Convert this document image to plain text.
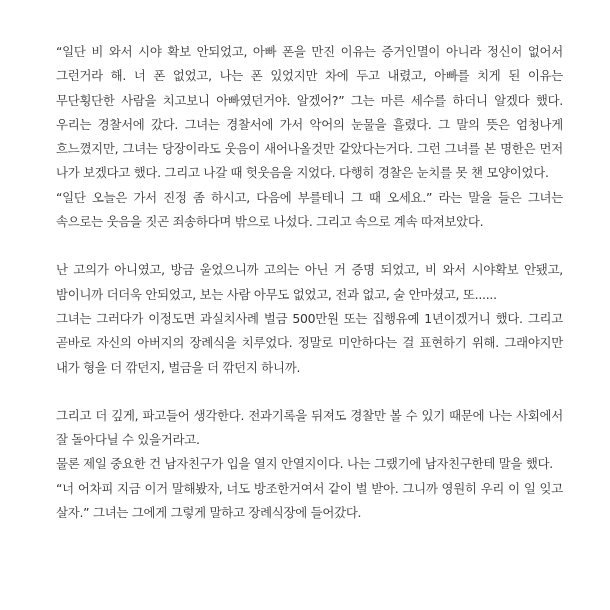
“일단 비 와서 시야 확보 안되었고, 아빠 폰을 만진 이유는 증거인멸이 아니라 정신이 없어서 그런거라 해. 너 폰 없었고, 나는 폰 있었지만 차에 두고 내렸고, 아빠를 치게 된 이유는 무단횡단한 사람을 치고보니 아빠였던거야. 알겠어?” 그는 마른 세수를 하더니 알겠다 했다. 우리는 경찰서에 갔다. 그녀는 경찰서에 가서 악어의 눈물을 흘렸다. 그 말의 뜻은 엄청나게 흐느꼈지만, 그녀는 당장이라도 웃음이 새어나올것만 같았다는거다. 그런 그녀를 본 명한은 먼저 나가 보겠다고 했다. 그리고 나갈 때 헛웃음을 지었다. 다행히 경찰은 눈치를 못 챈 모양이었다.

“일단 오늘은 가서 진정 좀 하시고, 다음에 부를테니 그 때 오세요.” 라는 말을 들은 그녀는 속으로는 웃음을 짓곤 죄송하다며 밖으로 나섰다. 그리고 속으로 계속 따져보았다.

난 고의가 아니였고, 방금 울었으니까 고의는 아닌 거 증명 되었고, 비 와서 시야확보 안됐고, 밤이니까 더더욱 안되었고, 보는 사람 아무도 없었고, 전과 없고, 술 안마셨고, 또......

그녀는 그러다가 이정도면 과실치사례 벌금 500만원 또는 집행유예 1년이겠거니 했다. 그리고 곧바로 자신의 아버지의 장례식을 치루었다. 정말로 미안하다는 걸 표현하기 위해. 그래야지만 내가 형을 더 깎던지, 벌금을 더 깎던지 하니까.

그리고 더 깊게, 파고들어 생각한다. 전과기록을 뒤져도 경찰만 볼 수 있기 때문에 나는 사회에서 잘 돌아다닐 수 있을거라고.

물론 제일 중요한 건 남자친구가 입을 열지 안열지이다. 나는 그랬기에 남자친구한테 말을 했다.

“너 어차피 지금 이거 말해봤자, 너도 방조한거여서 같이 벌 받아. 그니까 영원히 우리 이 일 잊고 살자.” 그녀는 그에게 그렇게 말하고 장례식장에 들어갔다.
